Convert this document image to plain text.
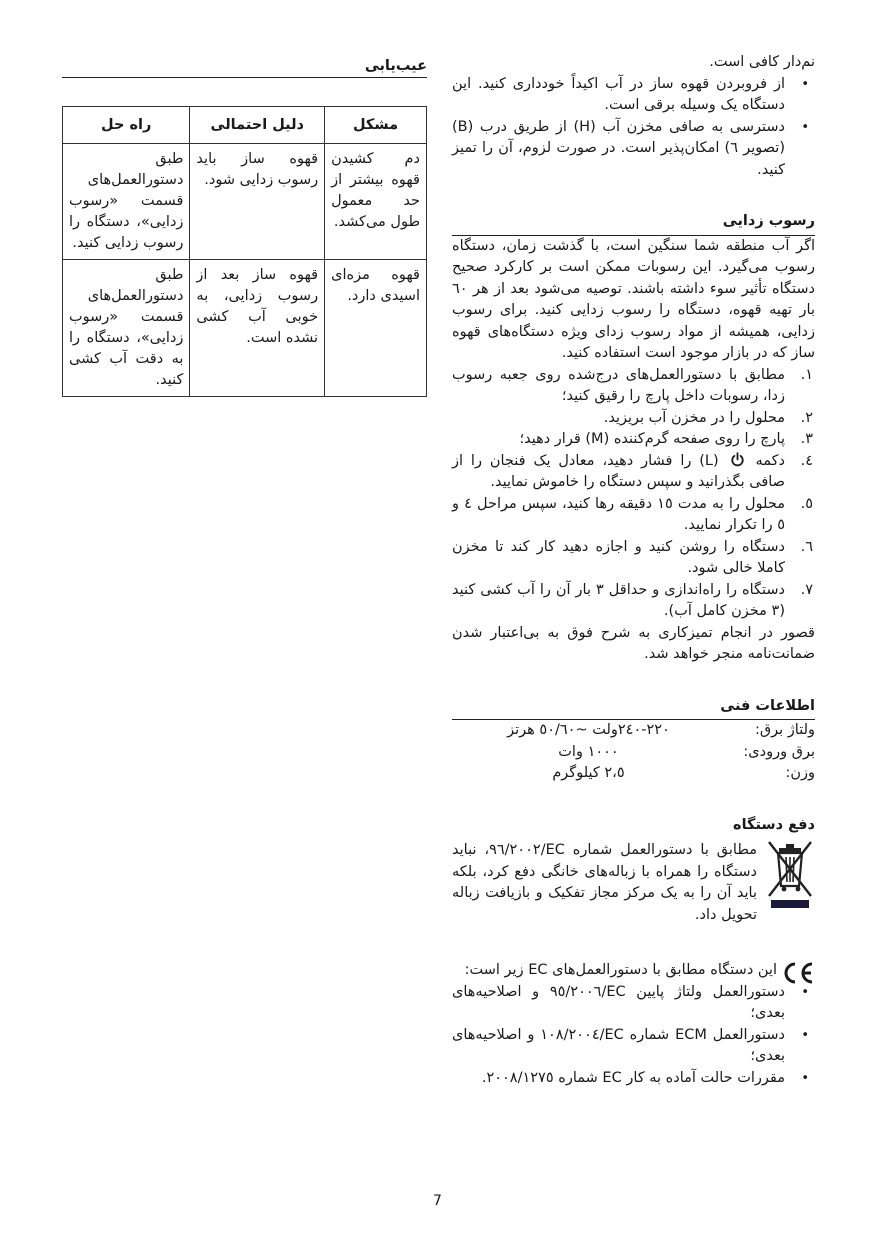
نم‌دار کافی است.

• از فروبردن قهوه ساز در آب اکیداً خودداری کنید. این دستگاه یک وسیله برقی است.

• دسترسی به صافی مخزن آب (H) از طریق درب (B) (تصویر ٦) امکان‌پذیر است. در صورت لزوم، آن را تمیز کنید.

رسوب زدایی

اگر آب منطقه شما سنگین است، با گذشت زمان، دستگاه رسوب می‌گیرد. این رسوبات ممکن است بر کارکرد صحیح دستگاه تأثیر سوء داشته باشند. توصیه می‌شود بعد از هر ٦٠ بار تهیه قهوه، دستگاه را رسوب زدایی کنید. برای رسوب زدایی، همیشه از مواد رسوب زدای ویژه دستگاه‌های قهوه ساز که در بازار موجود است استفاده کنید.

١.
مطابق با دستورالعمل‌های درج‌شده روی جعبه رسوب زدا، رسوبات داخل پارچ را رقیق کنید؛

٢.
محلول را در مخزن آب بریزید.

٣.
پارچ را روی صفحه گرم‌کننده (M) قرار دهید؛

٤.
دکمه  (L) را فشار دهید، معادل یک فنجان را از صافی بگذرانید و سپس دستگاه را خاموش نمایید.

٥.
محلول را به مدت ١٥ دقیقه رها کنید، سپس مراحل ٤ و ٥ را تکرار نمایید.

٦.
دستگاه را روشن کنید و اجازه دهید کار کند تا مخزن کاملا خالی شود.

٧.
دستگاه را راه‌اندازی و حداقل ٣ بار آن را آب کشی کنید (٣ مخزن کامل آب).

قصور در انجام تمیزکاری به شرح فوق به بی‌اعتبار شدن ضمانت‌نامه منجر خواهد شد.

اطلاعات فنی
ولتاژ برق:
٢٢٠-٢٤٠ولت ~٥٠/٦٠ هرتز
برق ورودی:
١٠٠٠ وات
وزن:
٢،٥ کیلوگرم
دفع دستگاه

مطابق با دستورالعمل شماره EC/٩٦/٢٠٠٢، نباید دستگاه را همراه با زباله‌های خانگی دفع کرد، بلکه باید آن را به یک مرکز مجاز تفکیک و بازیافت زباله تحویل داد.

این دستگاه مطابق با دستورالعمل‌های EC زیر است:

• دستورالعمل ولتاژ پایین EC/٩٥/٢٠٠٦ و اصلاحیه‌های بعدی؛

• دستورالعمل ECM شماره EC/١٠٨/٢٠٠٤ و اصلاحیه‌های بعدی؛

• مقررات حالت آماده به کار EC شماره ٢٠٠٨/١٢٧٥.

عیب‌یابی
مشکل	دلیل احتمالی	راه حل
دم کشیدن قهوه بیشتر از حد معمول طول می‌کشد.	قهوه ساز باید رسوب زدایی شود.	طبق دستورالعمل‌های قسمت «رسوب زدایی»، دستگاه را رسوب زدایی کنید.
قهوه مزه‌ای اسیدی دارد.	قهوه ساز بعد از رسوب زدایی، به خوبی آب کشی نشده است.	طبق دستورالعمل‌های قسمت «رسوب زدایی»، دستگاه را به دقت آب کشی کنید.
7
